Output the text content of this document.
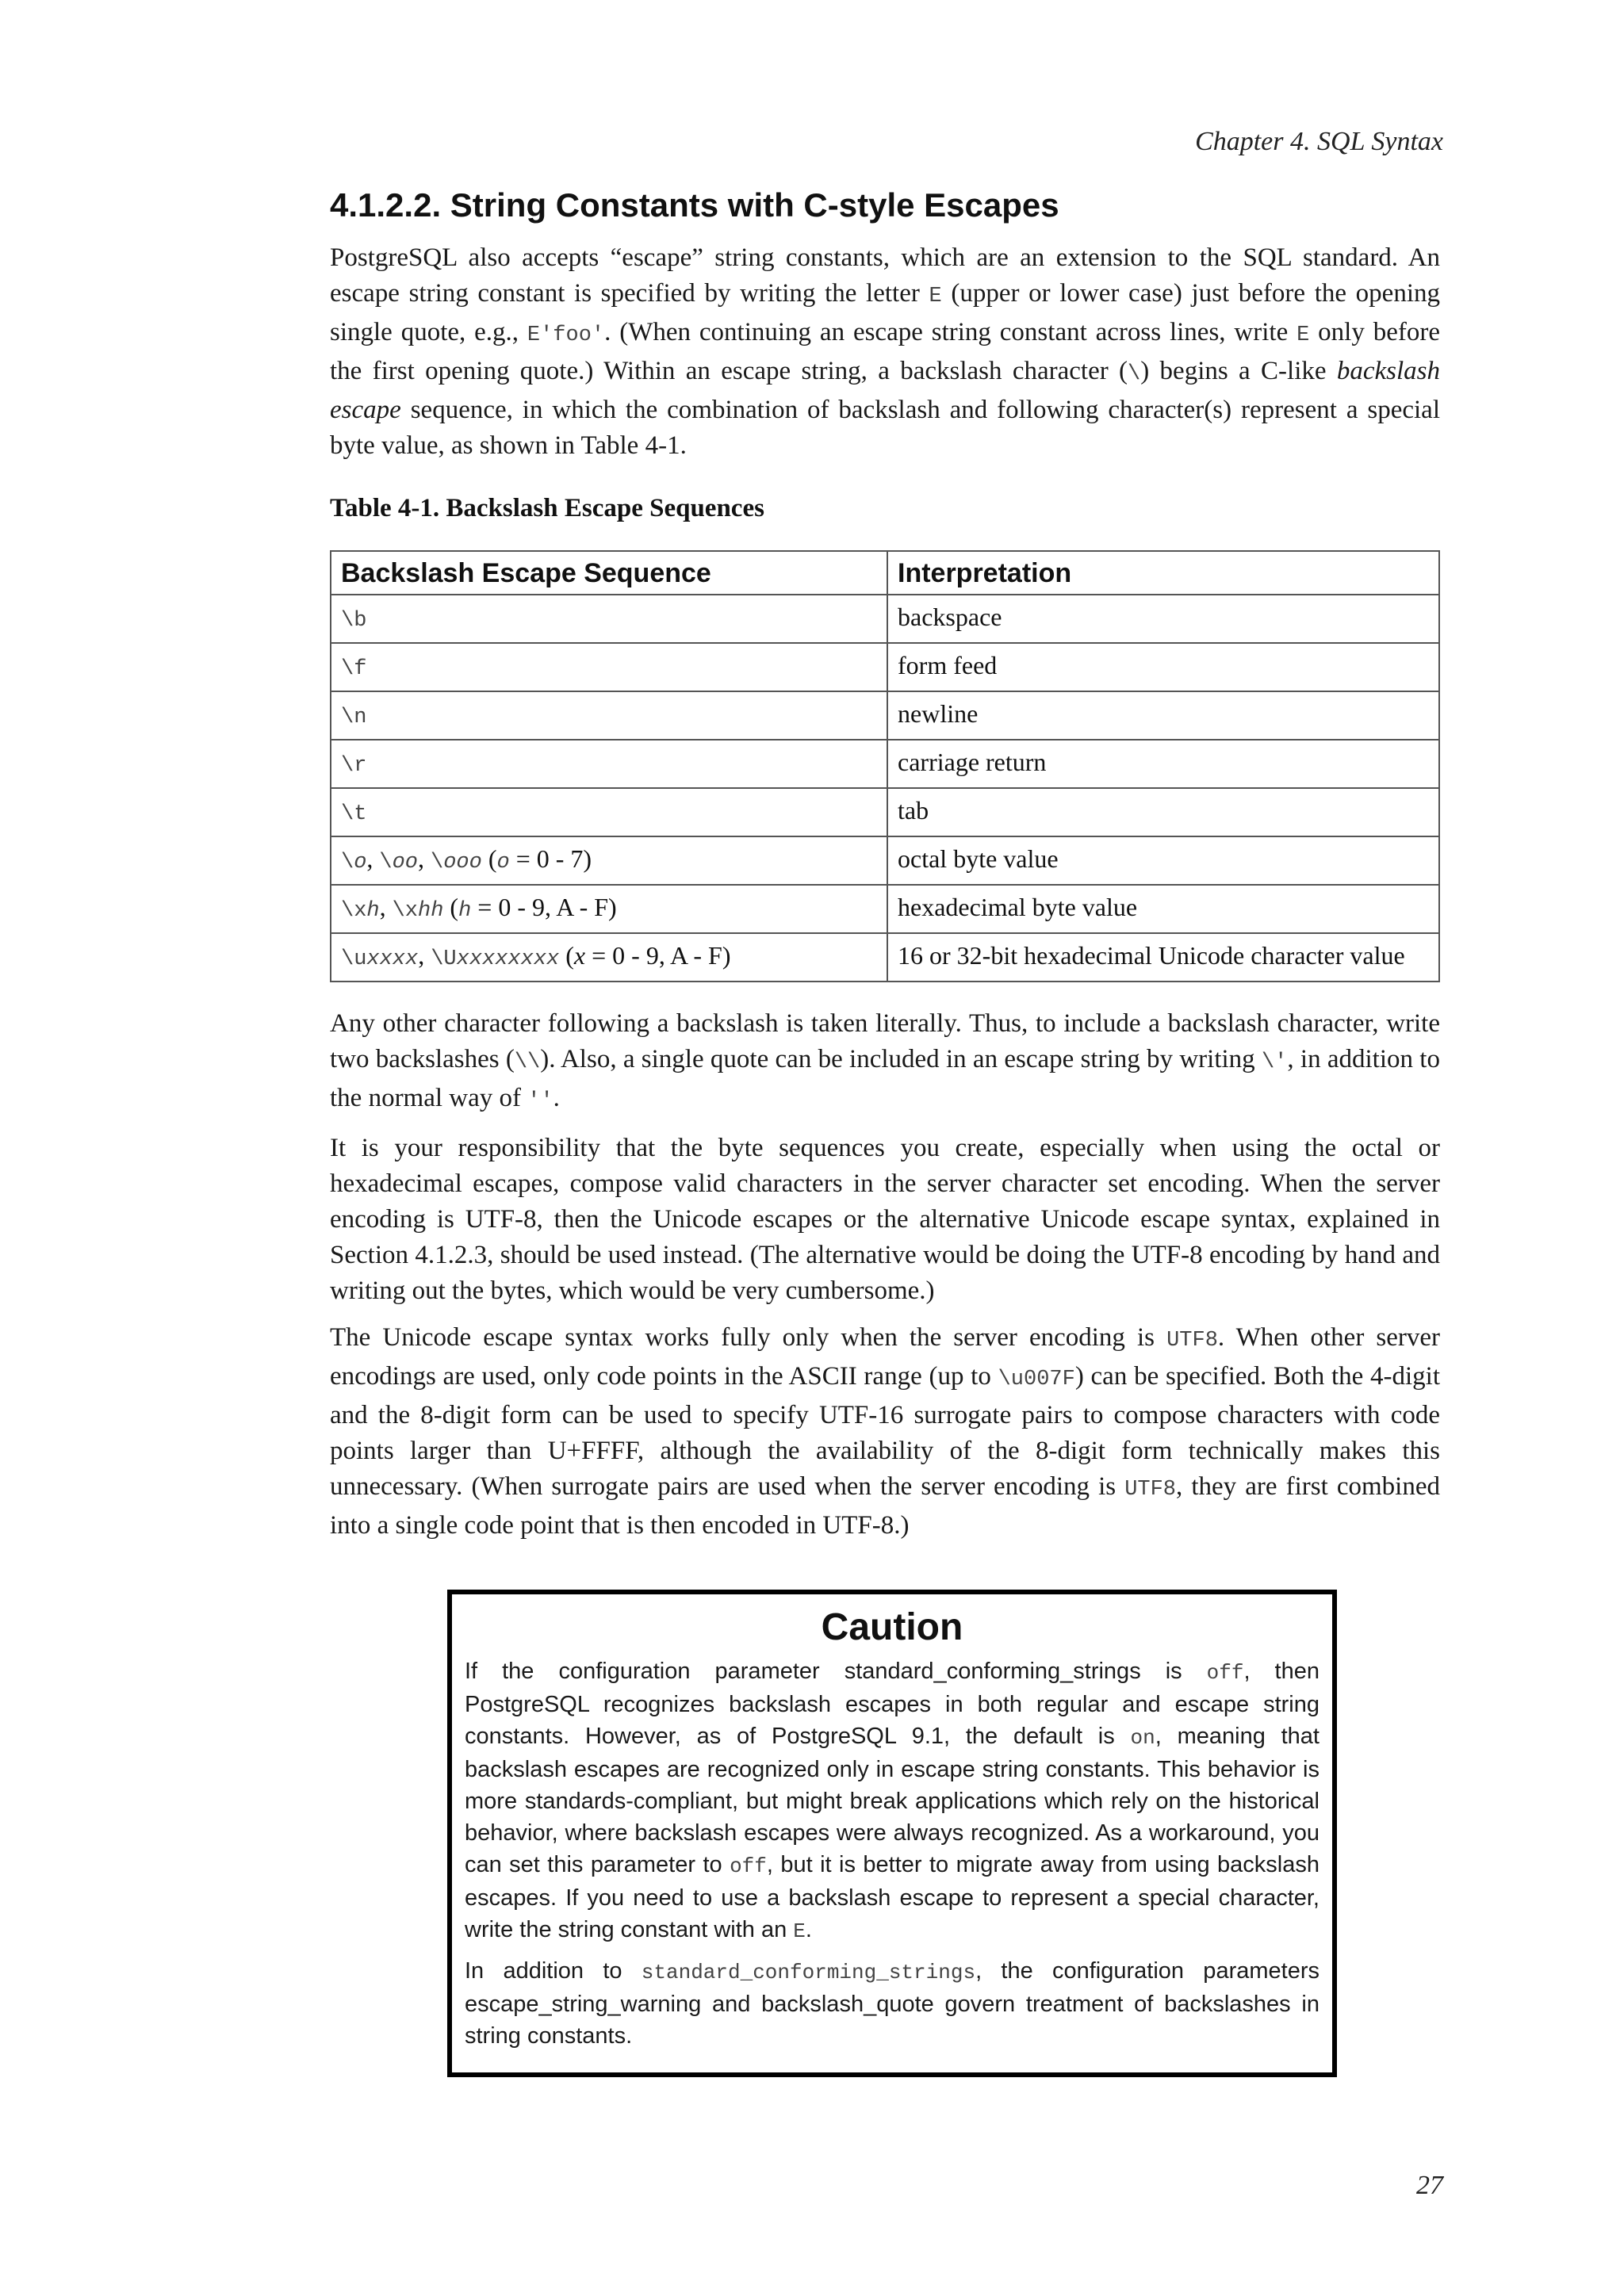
Chapter 4. SQL Syntax
4.1.2.2. String Constants with C-style Escapes

PostgreSQL also accepts “escape” string constants, which are an extension to the SQL standard. An escape string constant is specified by writing the letter E (upper or lower case) just before the opening single quote, e.g., E'foo'. (When continuing an escape string constant across lines, write E only before the first opening quote.) Within an escape string, a backslash character (\) begins a C-like backslash escape sequence, in which the combination of backslash and following character(s) represent a special byte value, as shown in Table 4-1.

Table 4-1. Backslash Escape Sequences
Backslash Escape Sequence	Interpretation
\b	backspace
\f	form feed
\n	newline
\r	carriage return
\t	tab
\o, \oo, \ooo (o = 0 - 7)	octal byte value
\xh, \xhh (h = 0 - 9, A - F)	hexadecimal byte value
\uxxxx, \Uxxxxxxxx (x = 0 - 9, A - F)	16 or 32-bit hexadecimal Unicode character value

Any other character following a backslash is taken literally. Thus, to include a backslash character, write two backslashes (\\). Also, a single quote can be included in an escape string by writing \', in addition to the normal way of ''.

It is your responsibility that the byte sequences you create, especially when using the octal or hexadecimal escapes, compose valid characters in the server character set encoding. When the server encoding is UTF-8, then the Unicode escapes or the alternative Unicode escape syntax, explained in Section 4.1.2.3, should be used instead. (The alternative would be doing the UTF-8 encoding by hand and writing out the bytes, which would be very cumbersome.)

The Unicode escape syntax works fully only when the server encoding is UTF8. When other server encodings are used, only code points in the ASCII range (up to \u007F) can be specified. Both the 4-digit and the 8-digit form can be used to specify UTF-16 surrogate pairs to compose characters with code points larger than U+FFFF, although the availability of the 8-digit form technically makes this unnecessary. (When surrogate pairs are used when the server encoding is UTF8, they are first combined into a single code point that is then encoded in UTF-8.)

Caution

If the configuration parameter standard_conforming_strings is off, then PostgreSQL recognizes backslash escapes in both regular and escape string constants. However, as of PostgreSQL 9.1, the default is on, meaning that backslash escapes are recognized only in escape string constants. This behavior is more standards-compliant, but might break applications which rely on the historical behavior, where backslash escapes were always recognized. As a workaround, you can set this parameter to off, but it is better to migrate away from using backslash escapes. If you need to use a backslash escape to represent a special character, write the string constant with an E.

In addition to standard_conforming_strings, the configuration parameters escape_string_warning and backslash_quote govern treatment of backslashes in string constants.

27
